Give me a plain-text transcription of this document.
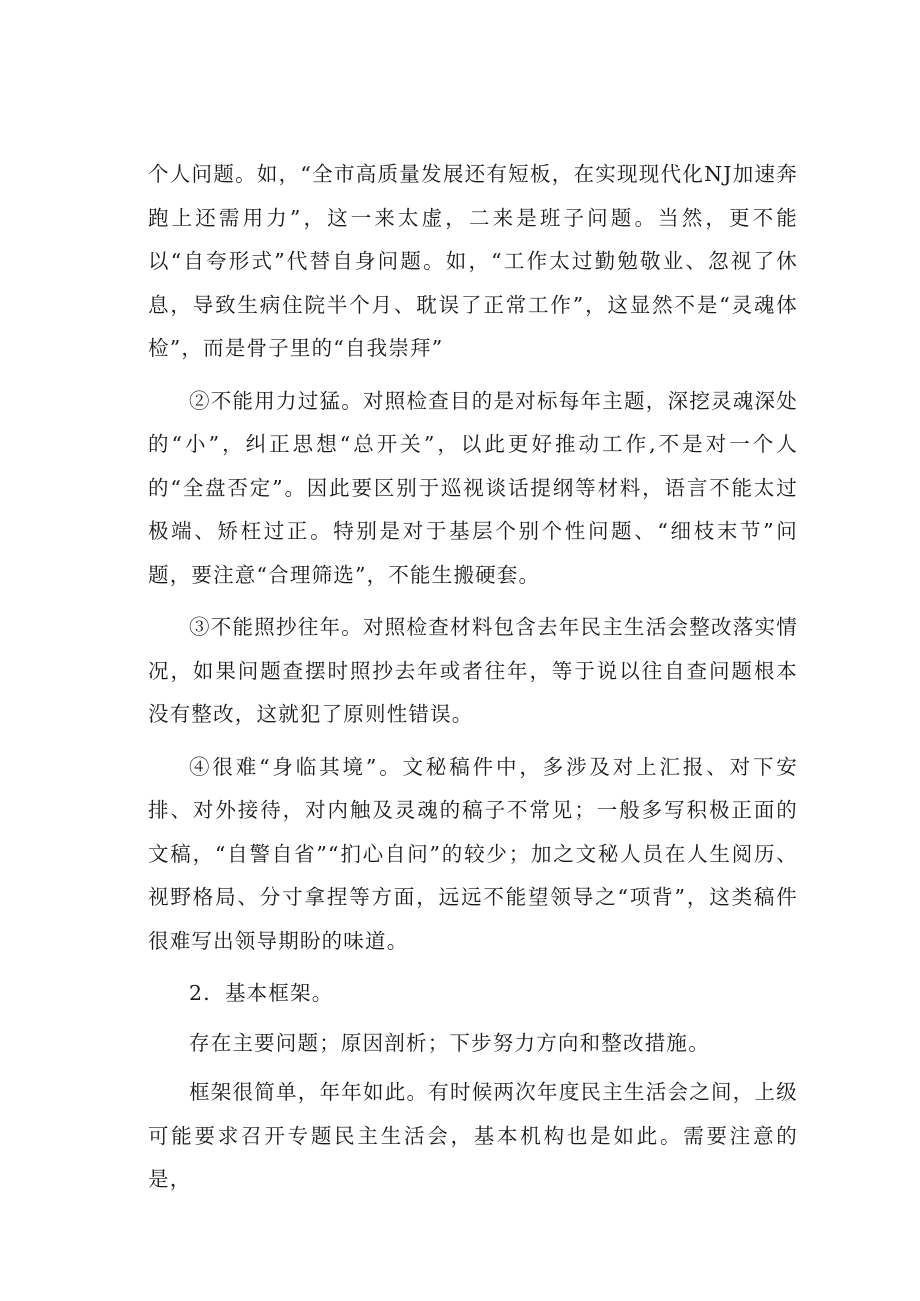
个人问题。如，“全市高质量发展还有短板，在实现现代化NJ加速奔跑上还需用力”，这一来太虚，二来是班子问题。当然，更不能以“自夸形式”代替自身问题。如，“工作太过勤勉敬业、忽视了休息，导致生病住院半个月、耽误了正常工作”，这显然不是“灵魂体检”，而是骨子里的“自我崇拜”

②不能用力过猛。对照检查目的是对标每年主题，深挖灵魂深处的“小”，纠正思想“总开关”，以此更好推动工作,不是对一个人的“全盘否定”。因此要区别于巡视谈话提纲等材料，语言不能太过极端、矫枉过正。特别是对于基层个别个性问题、“细枝末节”问题，要注意“合理筛选”，不能生搬硬套。

③不能照抄往年。对照检查材料包含去年民主生活会整改落实情况，如果问题查摆时照抄去年或者往年，等于说以往自查问题根本没有整改，这就犯了原则性错误。

④很难“身临其境”。文秘稿件中，多涉及对上汇报、对下安排、对外接待，对内触及灵魂的稿子不常见；一般多写积极正面的文稿，“自警自省”“扪心自问”的较少；加之文秘人员在人生阅历、视野格局、分寸拿捏等方面，远远不能望领导之“项背”，这类稿件很难写出领导期盼的味道。

2．基本框架。

存在主要问题；原因剖析；下步努力方向和整改措施。

框架很简单，年年如此。有时候两次年度民主生活会之间，上级可能要求召开专题民主生活会，基本机构也是如此。需要注意的是，
